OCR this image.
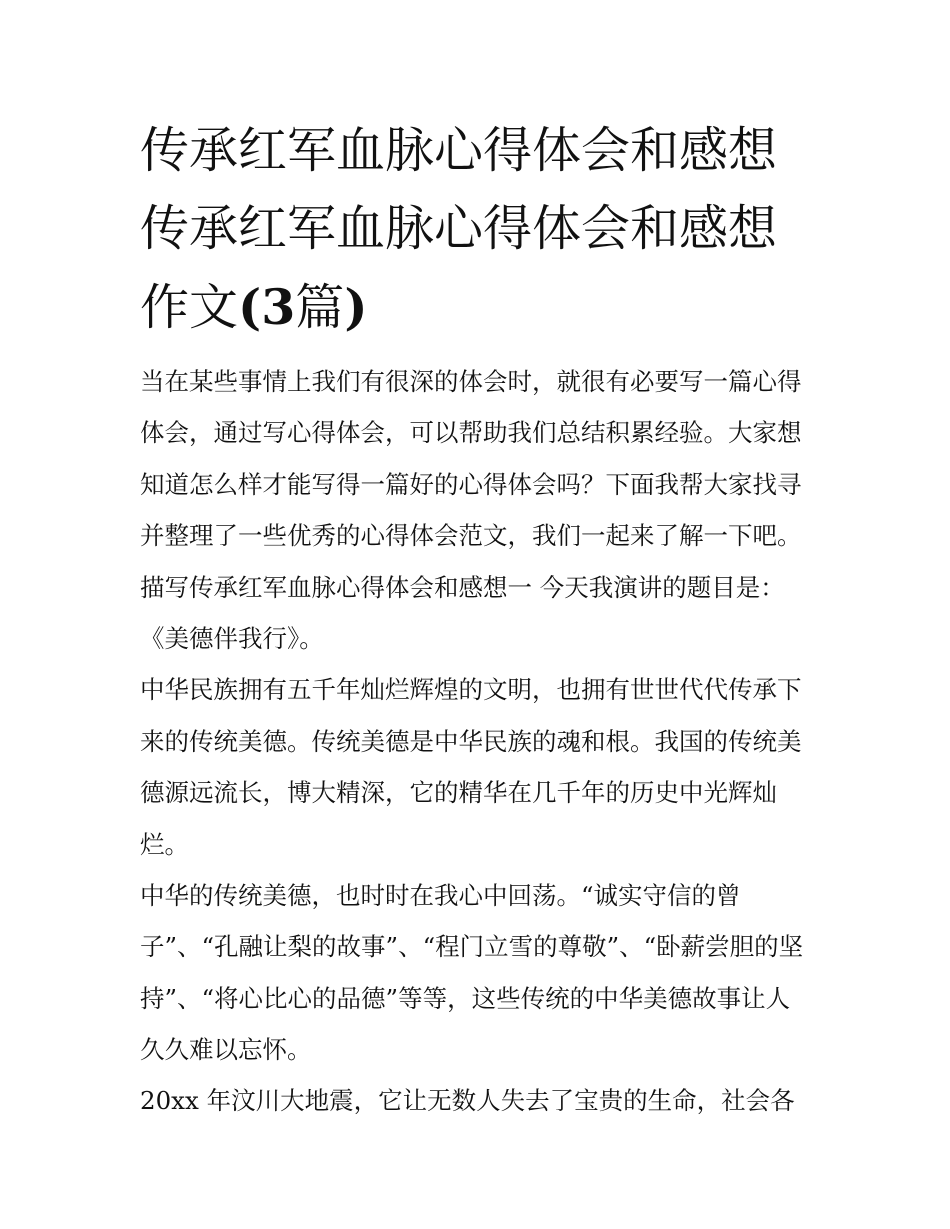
传承红军血脉心得体会和感想
传承红军血脉心得体会和感想
作文(3篇)
当在某些事情上我们有很深的体会时，就很有必要写一篇心得
体会，通过写心得体会，可以帮助我们总结积累经验。大家想
知道怎么样才能写得一篇好的心得体会吗？下面我帮大家找寻
并整理了一些优秀的心得体会范文，我们一起来了解一下吧。
描写传承红军血脉心得体会和感想一 今天我演讲的题目是：
《美德伴我行》。
中华民族拥有五千年灿烂辉煌的文明，也拥有世世代代传承下
来的传统美德。传统美德是中华民族的魂和根。我国的传统美
德源远流长，博大精深，它的精华在几千年的历史中光辉灿
烂。
中华的传统美德，也时时在我心中回荡。“诚实守信的曾
子”、“孔融让梨的故事”、“程门立雪的尊敬”、“卧薪尝胆的坚
持”、“将心比心的品德”等等，这些传统的中华美德故事让人
久久难以忘怀。
20xx 年汶川大地震，它让无数人失去了宝贵的生命，社会各
